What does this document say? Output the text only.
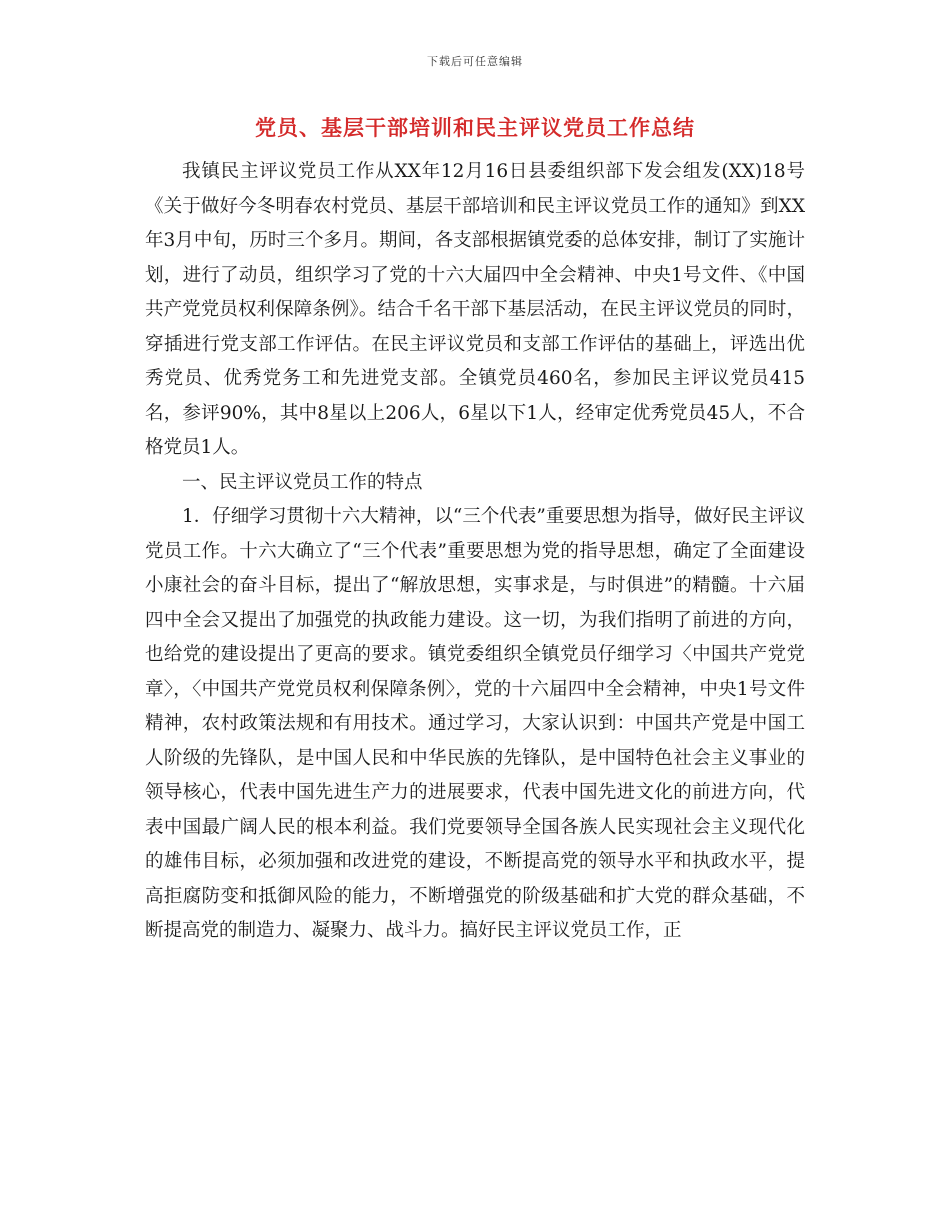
下载后可任意编辑
党员、基层干部培训和民主评议党员工作总结

我镇民主评议党员工作从XX年12月16日县委组织部下发会组发(XX)18号《关于做好今冬明春农村党员、基层干部培训和民主评议党员工作的通知》到XX年3月中旬，历时三个多月。期间，各支部根据镇党委的总体安排，制订了实施计划，进行了动员，组织学习了党的十六大届四中全会精神、中央1号文件、《中国共产党党员权利保障条例》。结合千名干部下基层活动，在民主评议党员的同时，穿插进行党支部工作评估。在民主评议党员和支部工作评估的基础上，评选出优秀党员、优秀党务工和先进党支部。全镇党员460名，参加民主评议党员415名，参评90%，其中8星以上206人，6星以下1人，经审定优秀党员45人，不合格党员1人。

一、民主评议党员工作的特点

1．仔细学习贯彻十六大精神，以“三个代表”重要思想为指导，做好民主评议党员工作。十六大确立了“三个代表”重要思想为党的指导思想，确定了全面建设小康社会的奋斗目标，提出了“解放思想，实事求是，与时俱进”的精髓。十六届四中全会又提出了加强党的执政能力建设。这一切，为我们指明了前进的方向，也给党的建设提出了更高的要求。镇党委组织全镇党员仔细学习〈中国共产党党章〉，〈中国共产党党员权利保障条例〉，党的十六届四中全会精神，中央1号文件精神，农村政策法规和有用技术。通过学习，大家认识到：中国共产党是中国工人阶级的先锋队，是中国人民和中华民族的先锋队，是中国特色社会主义事业的领导核心，代表中国先进生产力的进展要求，代表中国先进文化的前进方向，代表中国最广阔人民的根本利益。我们党要领导全国各族人民实现社会主义现代化的雄伟目标，必须加强和改进党的建设，不断提高党的领导水平和执政水平，提高拒腐防变和抵御风险的能力，不断增强党的阶级基础和扩大党的群众基础，不断提高党的制造力、凝聚力、战斗力。搞好民主评议党员工作，正
